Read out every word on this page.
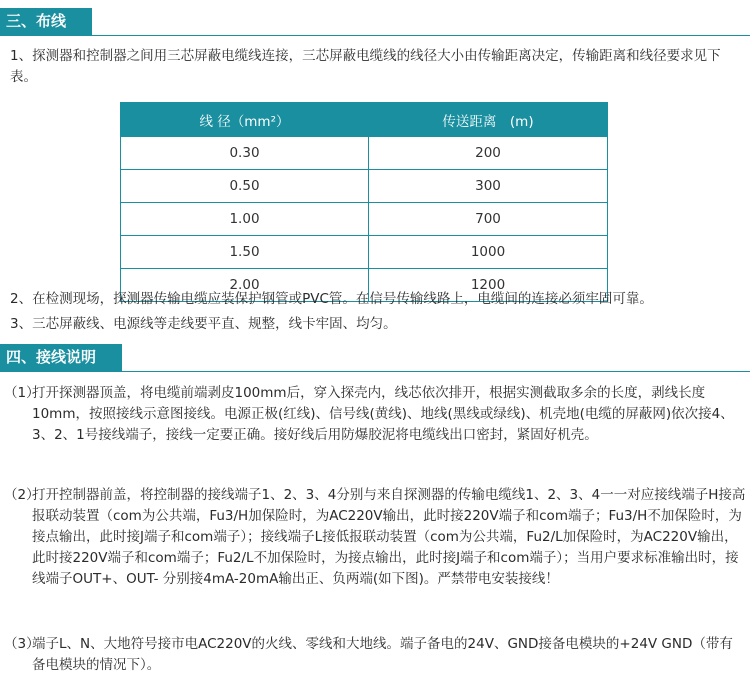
三、布线

1、探测器和控制器之间用三芯屏蔽电缆线连接，三芯屏蔽电缆线的线径大小由传输距离决定，传输距离和线径要求见下表。

线 径（mm²）	传送距离　(m)
0.30	200
0.50	300
1.00	700
1.50	1000
2.00	1200

2、在检测现场，探测器传输电缆应装保护钢管或PVC管。在信号传输线路上，电缆间的连接必须牢固可靠。

3、三芯屏蔽线、电源线等走线要平直、规整，线卡牢固、均匀。

四、接线说明
（1）
打开探测器顶盖，将电缆前端剥皮100mm后，穿入探壳内，线芯依次排开，根据实测截取多余的长度，剥线长度10mm，按照接线示意图接线。电源正极(红线)、信号线(黄线)、地线(黑线或绿线)、机壳地(电缆的屏蔽网)依次接4、3、2、1号接线端子，接线一定要正确。接好线后用防爆胶泥将电缆线出口密封，紧固好机壳。
（2）
打开控制器前盖，将控制器的接线端子1、2、3、4分别与来自探测器的传输电缆线1、2、3、4一一对应接线端子H接高报联动装置（com为公共端，Fu3/H加保险时，为AC220V输出，此时接220V端子和com端子；Fu3/H不加保险时，为接点输出，此时接J端子和com端子）；接线端子L接低报联动装置（com为公共端，Fu2/L加保险时，为AC220V输出，此时接220V端子和com端子；Fu2/L不加保险时，为接点输出，此时接J端子和com端子）；当用户要求标准输出时，接线端子OUT+、OUT- 分别接4mA-20mA输出正、负两端(如下图)。严禁带电安装接线！
（3）
端子L、N、大地符号接市电AC220V的火线、零线和大地线。端子备电的24V、GND接备电模块的+24V GND（带有备电模块的情况下）。
